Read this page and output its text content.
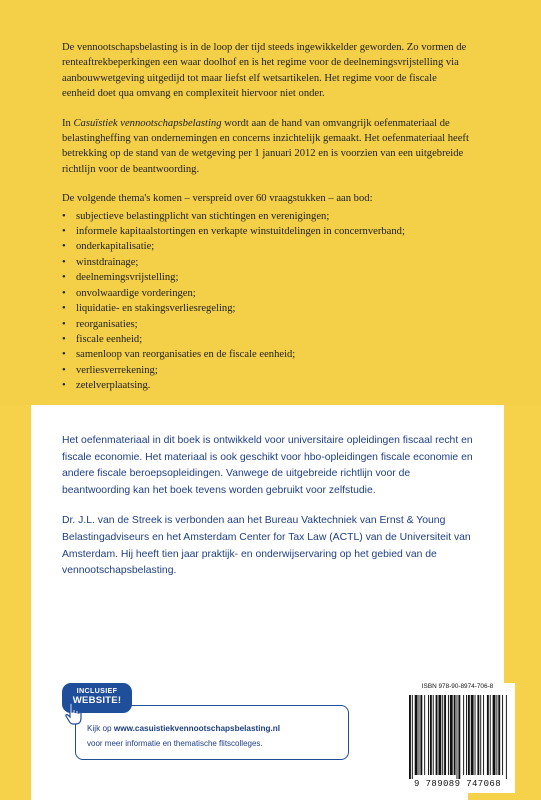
De vennootschapsbelasting is in de loop der tijd steeds ingewikkelder geworden. Zo vormen de renteaftrekbeperkingen een waar doolhof en is het regime voor de deelnemingsvrijstelling via aanbouwwetgeving uitgedijd tot maar liefst elf wetsartikelen. Het regime voor de fiscale eenheid doet qua omvang en complexiteit hiervoor niet onder.

In Casuïstiek vennootschapsbelasting wordt aan de hand van omvangrijk oefenmateriaal de belastingheffing van ondernemingen en concerns inzichtelijk gemaakt. Het oefenmateriaal heeft betrekking op de stand van de wetgeving per 1 januari 2012 en is voorzien van een uitgebreide richtlijn voor de beantwoording.

De volgende thema's komen – verspreid over 60 vraagstukken – aan bod:

• subjectieve belastingplicht van stichtingen en verenigingen;
• informele kapitaalstortingen en verkapte winstuitdelingen in concernverband;
• onderkapitalisatie;
• winstdrainage;
• deelnemingsvrijstelling;
• onvolwaardige vorderingen;
• liquidatie- en stakingsverliesregeling;
• reorganisaties;
• fiscale eenheid;
• samenloop van reorganisaties en de fiscale eenheid;
• verliesverrekening;
• zetelverplaatsing.

Het oefenmateriaal in dit boek is ontwikkeld voor universitaire opleidingen fiscaal recht en fiscale economie. Het materiaal is ook geschikt voor hbo-opleidingen fiscale economie en andere fiscale beroepsopleidingen. Vanwege de uitgebreide richtlijn voor de beantwoording kan het boek tevens worden gebruikt voor zelfstudie.

Dr. J.L. van de Streek is verbonden aan het Bureau Vaktechniek van Ernst & Young Belastingadviseurs en het Amsterdam Center for Tax Law (ACTL) van de Universiteit van Amsterdam. Hij heeft tien jaar praktijk- en onderwijservaring op het gebied van de vennootschapsbelasting.

Kijk op www.casuistiekvennootschapsbelasting.nl
voor meer informatie en thematische flitscolleges.
INCLUSIEF
WEBSITE!
ISBN 978-90-8974-706-8
9 789089 747068
